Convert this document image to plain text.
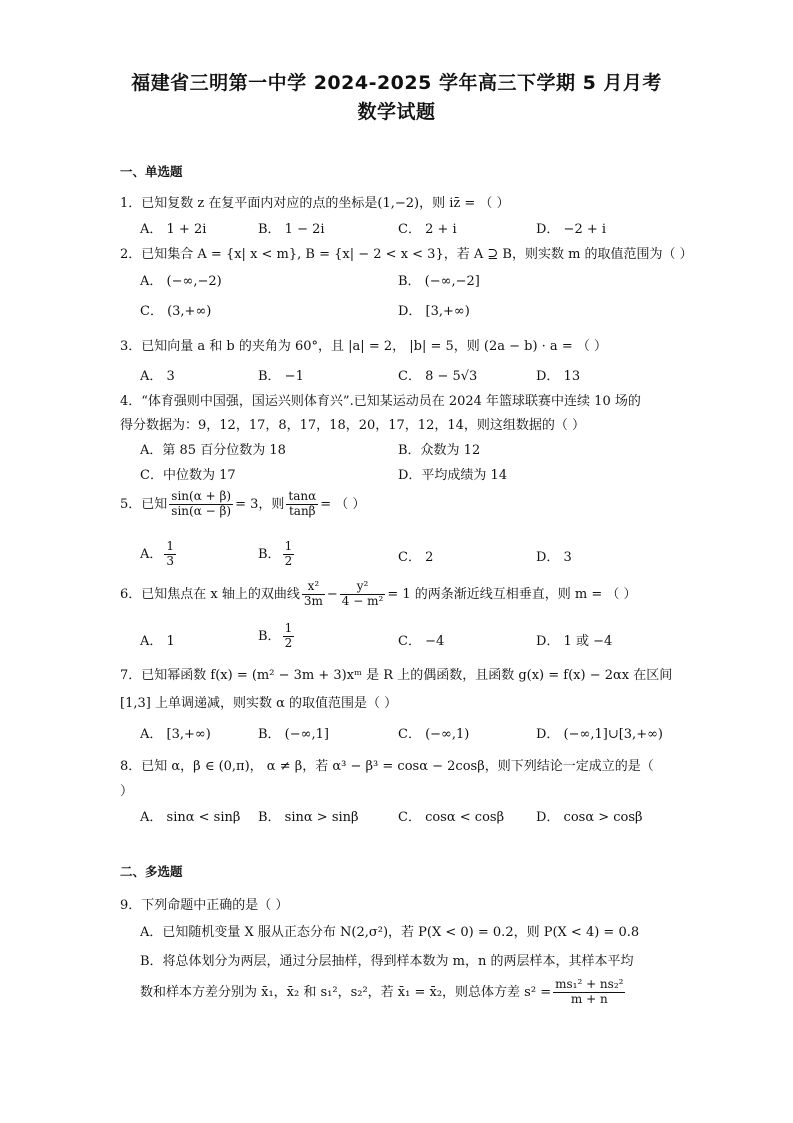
福建省三明第一中学 2024-2025 学年高三下学期 5 月月考
数学试题
一、单选题
1．已知复数 z 在复平面内对应的点的坐标是(1,−2)，则 iz̄ = （ ）
A． 1 + 2i	B． 1 − 2i	C． 2 + i	D． −2 + i
2．已知集合 A = {x| x < m}, B = {x| − 2 < x < 3}，若 A ⊇ B，则实数 m 的取值范围为（ ）
A． (−∞,−2)	B． (−∞,−2]
C． (3,+∞)	D． [3,+∞)
3．已知向量 a 和 b 的夹角为 60°，且 |a| = 2， |b| = 5，则 (2a − b) · a = （ ）
A． 3	B． −1	C． 8 − 5√3	D． 13
4．“体育强则中国强，国运兴则体育兴”.已知某运动员在 2024 年篮球联赛中连续 10 场的
得分数据为：9，12，17，8，17，18，20，17，12，14，则这组数据的（ ）
A．第 85 百分位数为 18	B．众数为 12
C．中位数为 17	D．平均成绩为 14
5．已知 $\frac{\sin(\alpha + \beta)}{\sin(\alpha - \beta)} = 3$，则 $\frac{\tan\alpha}{\tan\beta}$ = （ ）
A． $\frac{1}{3}$	B． $\frac{1}{2}$	C． 2	D． 3
6．已知焦点在 x 轴上的双曲线 $\frac{\text{x²}}{3m} - \frac{\text{y²}}{\text{4 − m²}} = 1$ 的两条渐近线互相垂直，则 m = （ ）
A． 1	B． $\frac{1}{2}$	C． −4	D． 1 或 −4
7．已知幂函数 f(x) = (m² − 3m + 3)xᵐ 是 R 上的偶函数，且函数 g(x) = f(x) − 2αx 在区间
[1,3] 上单调递减，则实数 α 的取值范围是（ ）
A． [3,+∞)	B． (−∞,1]	C． (−∞,1)	D． (−∞,1]∪[3,+∞)
8．已知 α，β ∈ (0,π)， α ≠ β，若 α³ − β³ = cosα − 2cosβ，则下列结论一定成立的是（
）
A． sinα < sinβ B． sinα > sinβ	C． cosα < cosβ D． cosα > cosβ
二、多选题
9．下列命题中正确的是（ ）
A．已知随机变量 X 服从正态分布 N(2,σ²)，若 P(X < 0) = 0.2，则 P(X < 4) = 0.8
B．将总体划分为两层，通过分层抽样，得到样本数为 m，n 的两层样本，其样本平均
数和样本方差分别为 x̄₁，x̄₂ 和 s₁²，s₂²，若 x̄₁ = x̄₂，则总体方差 $s^2 = \frac{\text{ms₁² + ns₂²}}{m + n}$
